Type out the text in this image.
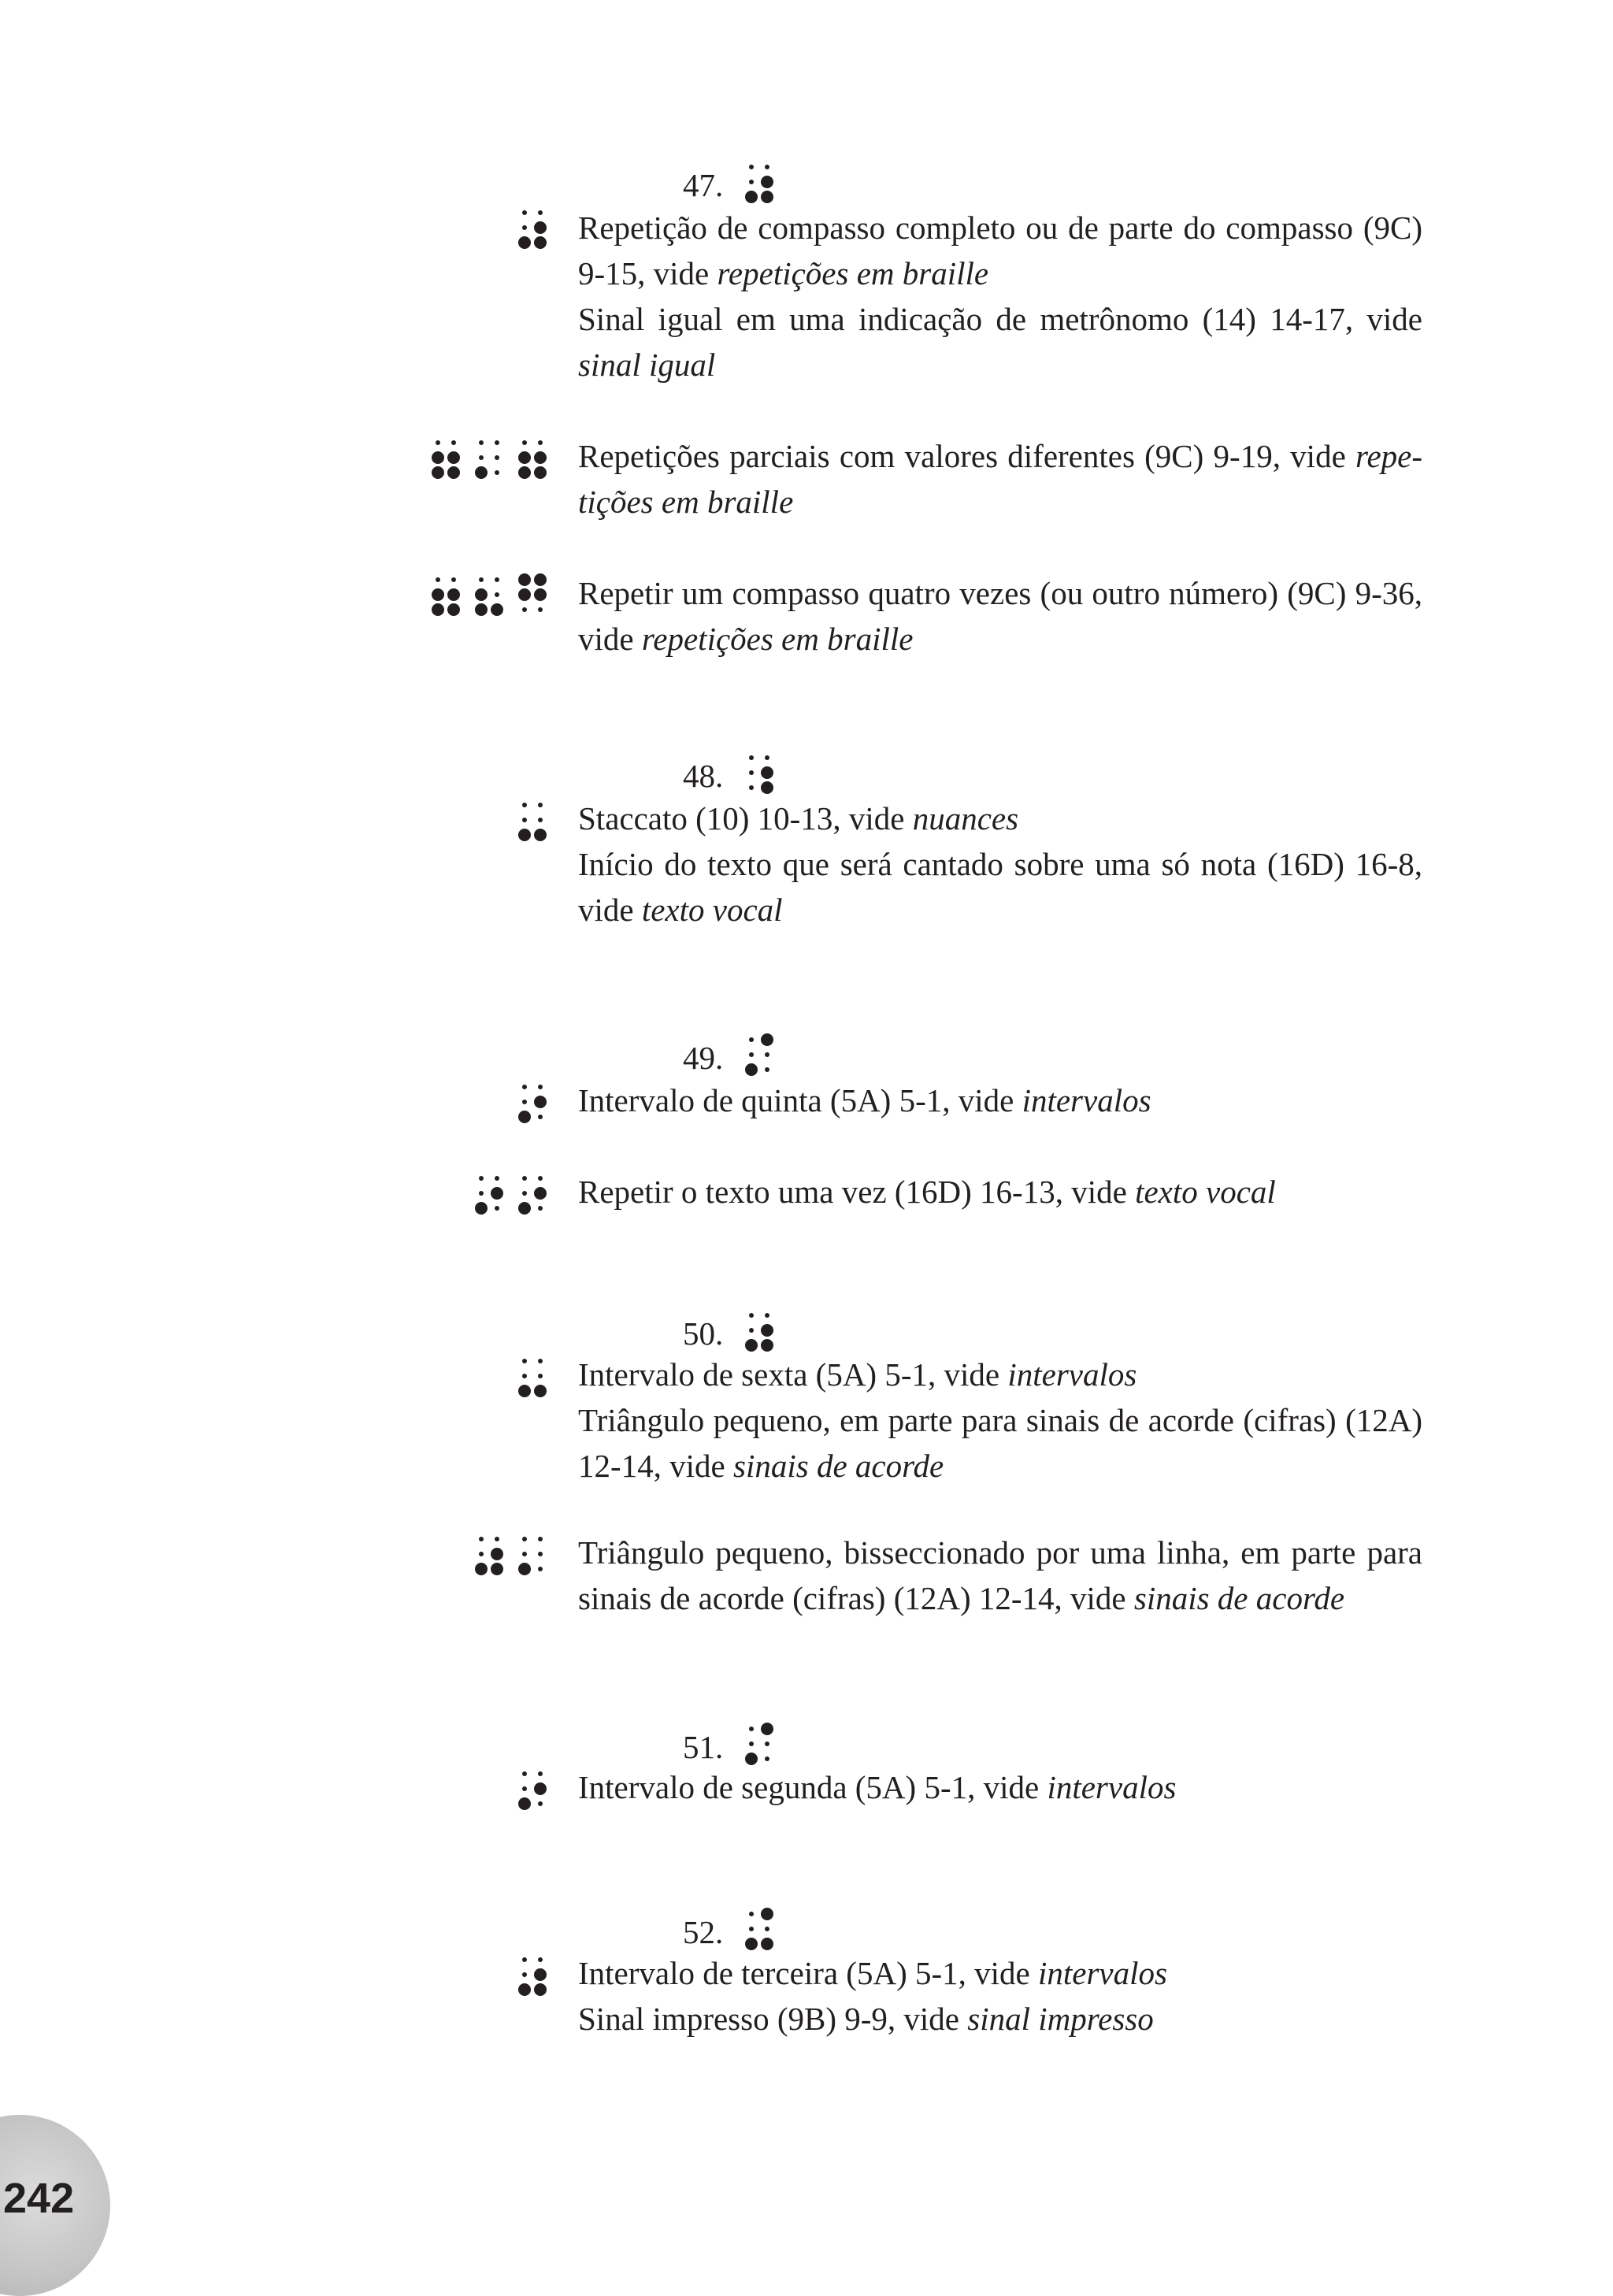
47.
48.
49.
50.
51.
52.

Repetição de compasso completo ou de parte do compasso (9C) 9-15, vide repetições em braille

Sinal igual em uma indicação de metrônomo (14) 14-17, vide sinal igual

Repetições parciais com valores diferentes (9C) 9-19, vide repe-tições em braille

Repetir um compasso quatro vezes (ou outro número) (9C) 9-36, vide repetições em braille

Staccato (10) 10-13, vide nuances

Início do texto que será cantado sobre uma só nota (16D) 16-8, vide texto vocal

Intervalo de quinta (5A) 5-1, vide intervalos

Repetir o texto uma vez (16D) 16-13, vide texto vocal

Intervalo de sexta (5A) 5-1, vide intervalos

Triângulo pequeno, em parte para sinais de acorde (cifras) (12A) 12-14, vide sinais de acorde

Triângulo pequeno, bisseccionado por uma linha, em parte para sinais de acorde (cifras) (12A) 12-14, vide sinais de acorde

Intervalo de segunda (5A) 5-1, vide intervalos

Intervalo de terceira (5A) 5-1, vide intervalos

Sinal impresso (9B) 9-9, vide sinal impresso

242
